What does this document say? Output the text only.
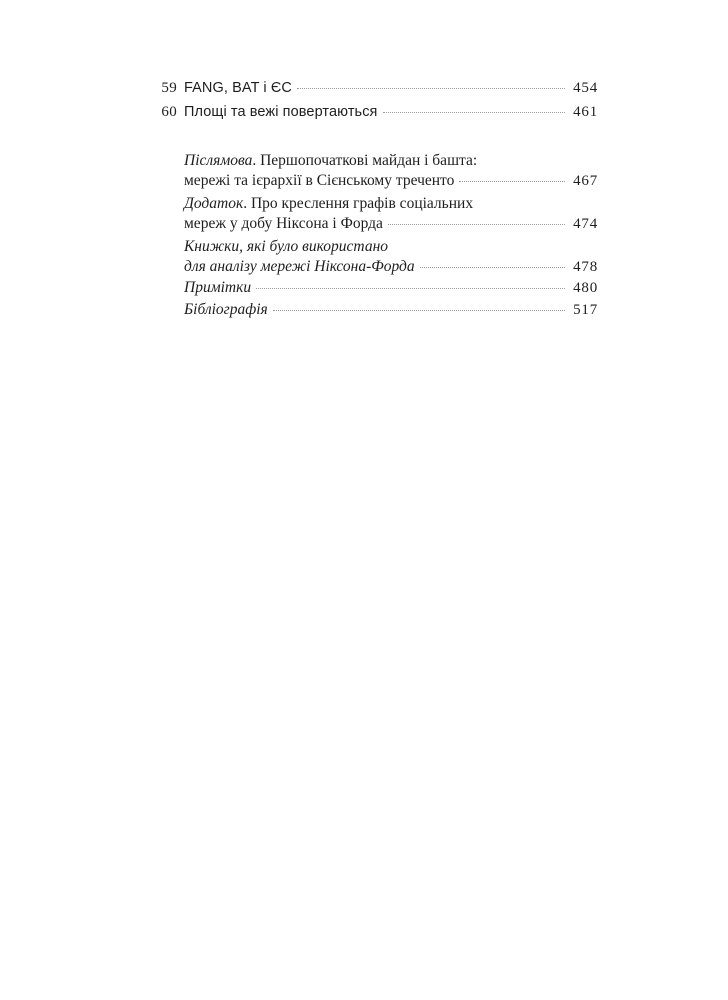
59 FANG, BAT і ЄС	454
60 Площі та вежі повертаються	461
Післямова. Першопочаткові майдан і башта:
мережі та ієрархії в Сієнському треченто	467
Додаток. Про креслення графів соціальних
мереж у добу Ніксона і Форда	474
Книжки, які було використано
для аналізу мережі Ніксона-Форда	478
Примітки	480
Бібліографія	517
